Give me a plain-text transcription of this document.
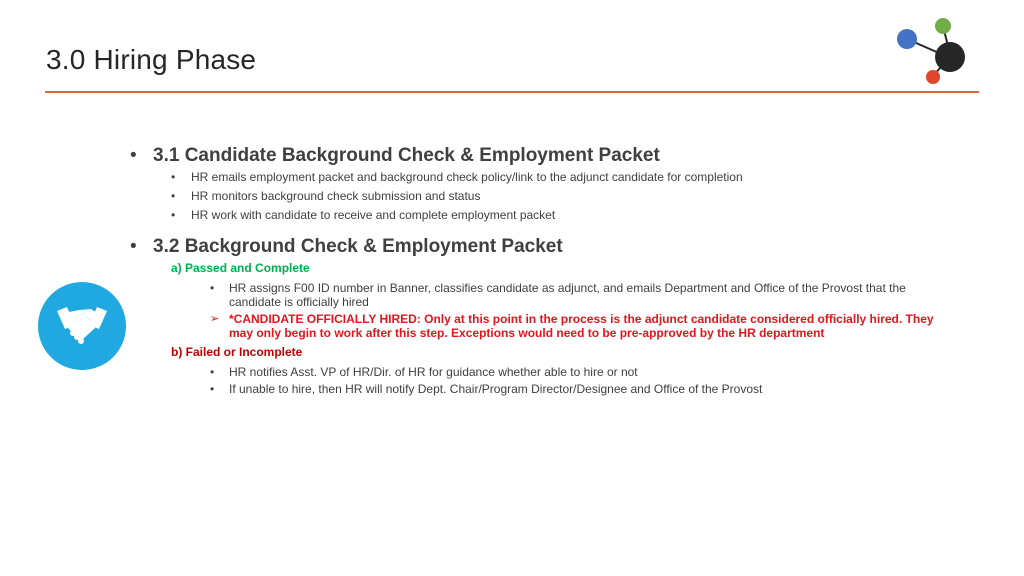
3.0 Hiring Phase
• 3.1 Candidate Background Check & Employment Packet
• HR emails employment packet and background check policy/link to the adjunct candidate for completion
• HR monitors background check submission and status
• HR work with candidate to receive and complete employment packet
• 3.2 Background Check & Employment Packet
a) Passed and Complete
• HR assigns F00 ID number in Banner, classifies candidate as adjunct, and emails Department and Office of the Provost that the candidate is officially hired
➢ *CANDIDATE OFFICIALLY HIRED: Only at this point in the process is the adjunct candidate considered officially hired. They may only begin to work after this step. Exceptions would need to be pre-approved by the HR department
b) Failed or Incomplete
• HR notifies Asst. VP of HR/Dir. of HR for guidance whether able to hire or not
• If unable to hire, then HR will notify Dept. Chair/Program Director/Designee and Office of the Provost
